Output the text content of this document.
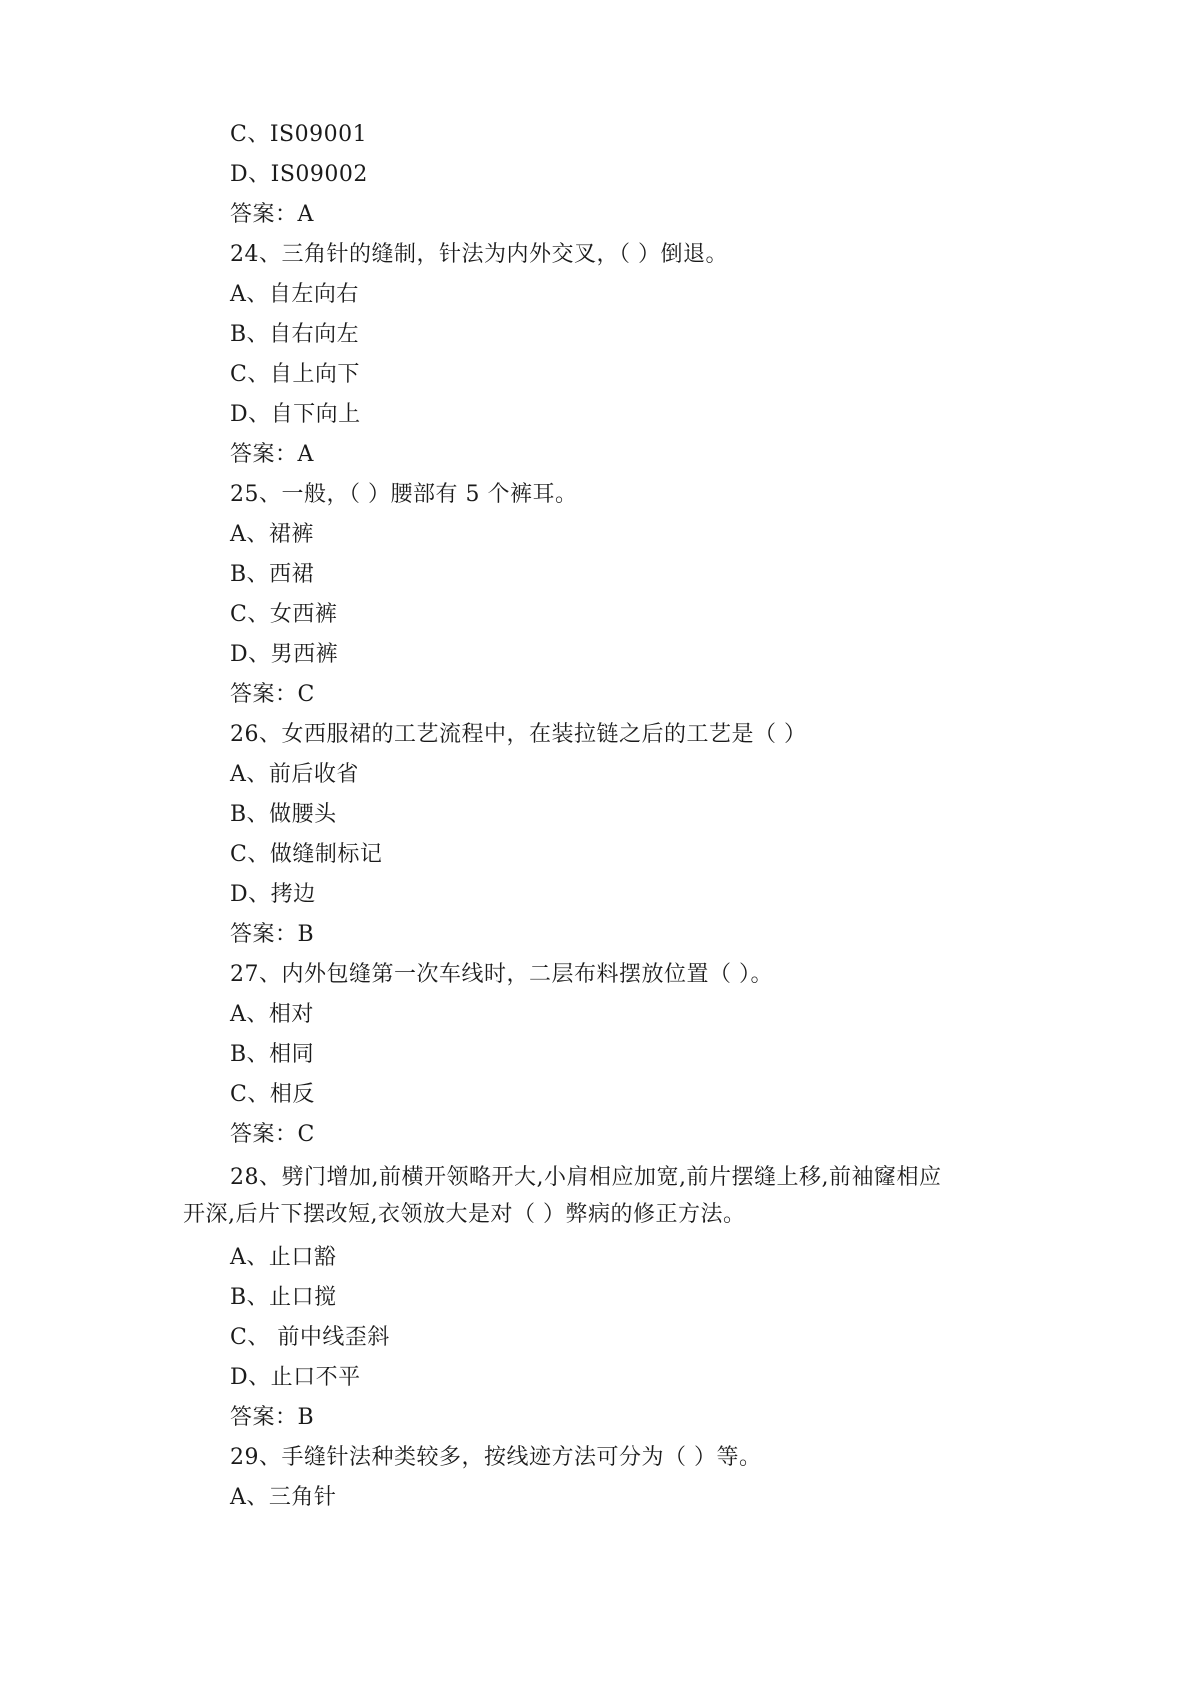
C、IS09001
D、IS09002
答案：A
24、三角针的缝制，针法为内外交叉，（ ）倒退。
A、自左向右
B、自右向左
C、自上向下
D、自下向上
答案：A
25、一般，（ ）腰部有 5 个裤耳。
A、裙裤
B、西裙
C、女西裤
D、男西裤
答案：C
26、女西服裙的工艺流程中，在装拉链之后的工艺是（ ）
A、前后收省
B、做腰头
C、做缝制标记
D、拷边
答案：B
27、内外包缝第一次车线时，二层布料摆放位置（ ）。
A、相对
B、相同
C、相反
答案：C
28、劈门增加,前横开领略开大,小肩相应加宽,前片摆缝上移,前袖窿相应
开深,后片下摆改短,衣领放大是对（ ）弊病的修正方法。
A、止口豁
B、止口搅
C、 前中线歪斜
D、止口不平
答案：B
29、手缝针法种类较多，按线迹方法可分为（ ）等。
A、三角针
